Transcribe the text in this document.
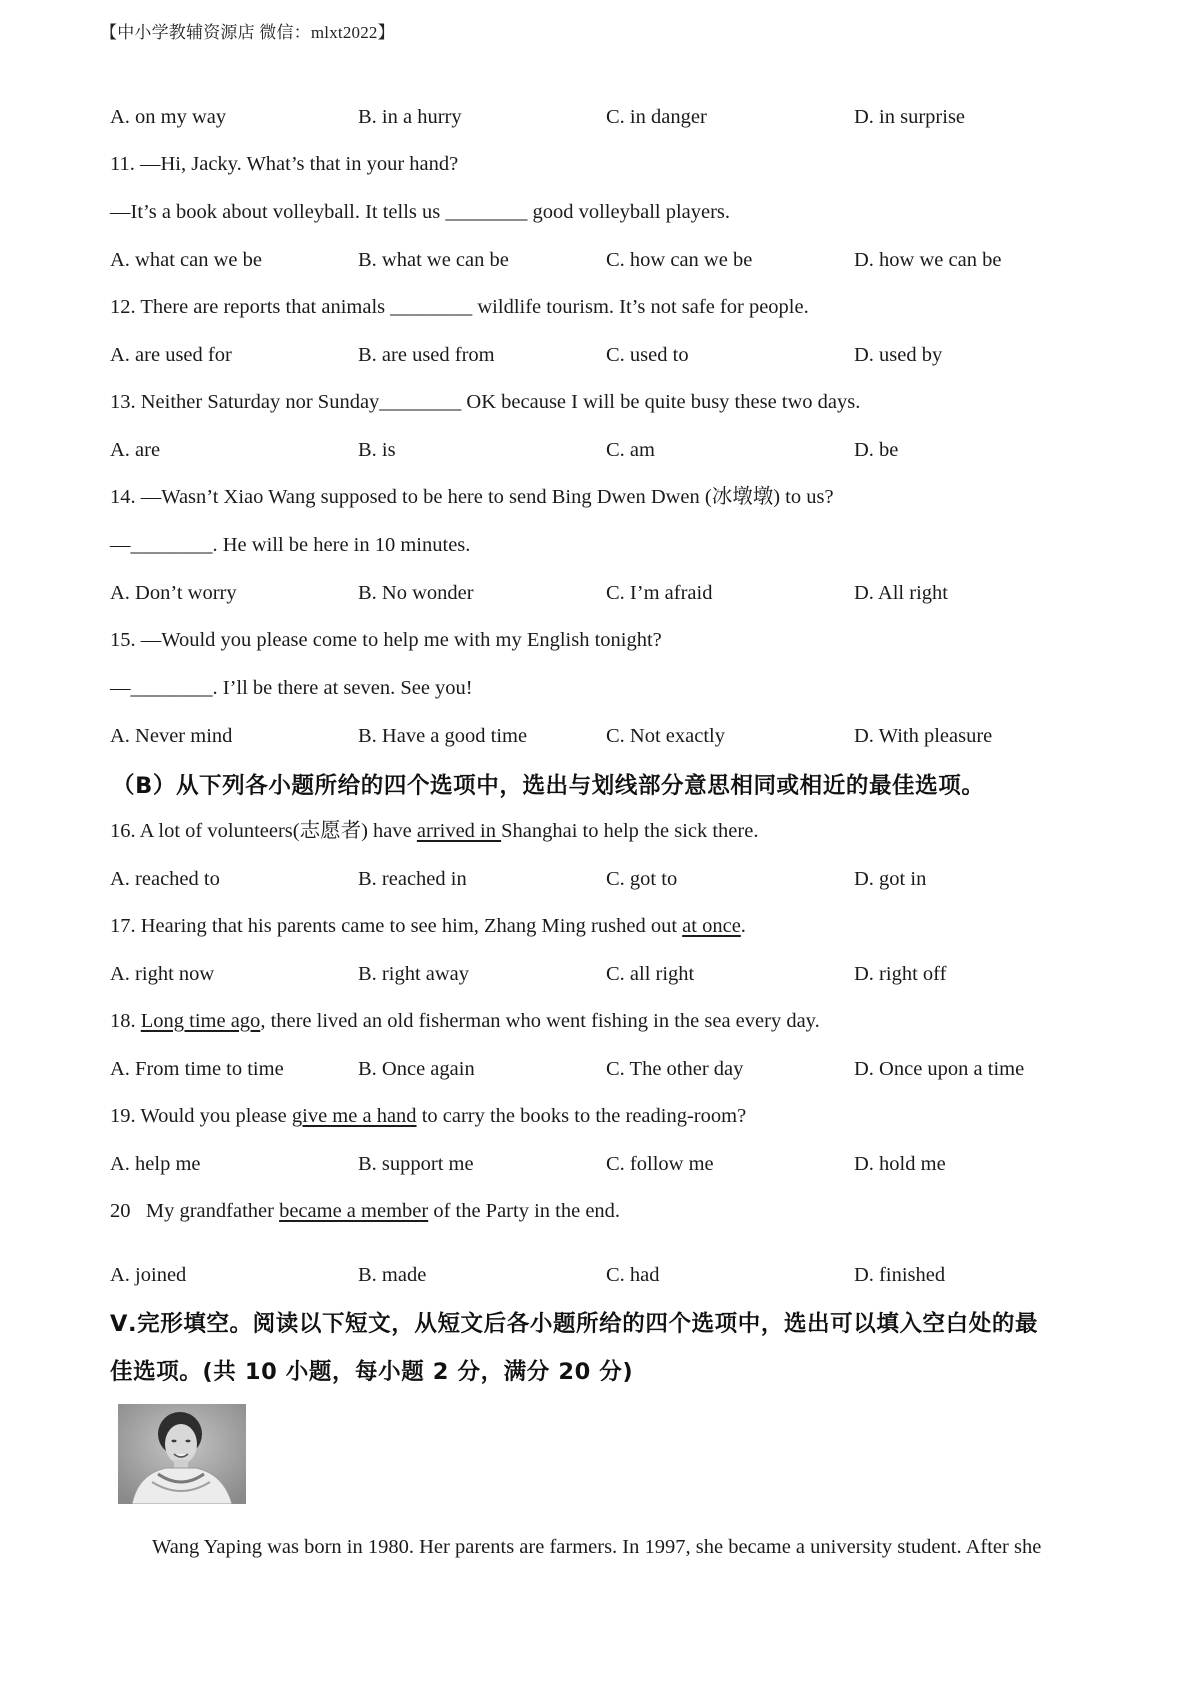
【中小学教辅资源店 微信：mlxt2022】
A. on my way	B. in a hurry	C. in danger	D. in surprise
11. —Hi, Jacky. What’s that in your hand?
—It’s a book about volleyball. It tells us ________ good volleyball players.
A. what can we be	B. what we can be	C. how can we be	D. how we can be
12. There are reports that animals ________ wildlife tourism. It’s not safe for people.
A. are used for	B. are used from	C. used to	D. used by
13. Neither Saturday nor Sunday________ OK because I will be quite busy these two days.
A. are	B. is	C. am	D. be
14. —Wasn’t Xiao Wang supposed to be here to send Bing Dwen Dwen (冰墩墩) to us?
—________. He will be here in 10 minutes.
A. Don’t worry	B. No wonder	C. I’m afraid	D. All right
15. —Would you please come to help me with my English tonight?
—________. I’ll be there at seven. See you!
A. Never mind	B. Have a good time	C. Not exactly	D. With pleasure
（B）从下列各小题所给的四个选项中，选出与划线部分意思相同或相近的最佳选项。
16. A lot of volunteers(志愿者) have arrived in Shanghai to help the sick there.
A. reached to	B. reached in	C. got to	D. got in
17. Hearing that his parents came to see him, Zhang Ming rushed out at once.
A. right now	B. right away	C. all right	D. right off
18. Long time ago, there lived an old fisherman who went fishing in the sea every day.
A. From time to time	B. Once again	C. The other day	D. Once upon a time
19. Would you please give me a hand to carry the books to the reading-room?
A. help me	B. support me	C. follow me	D. hold me
20   My grandfather became a member of the Party in the end.
A. joined	B. made	C. had	D. finished
Ⅴ.完形填空。阅读以下短文，从短文后各小题所给的四个选项中，选出可以填入空白处的最
佳选项。(共 10 小题，每小题 2 分，满分 20 分)
Wang Yaping was born in 1980. Her parents are farmers. In 1997, she became a university student. After she
